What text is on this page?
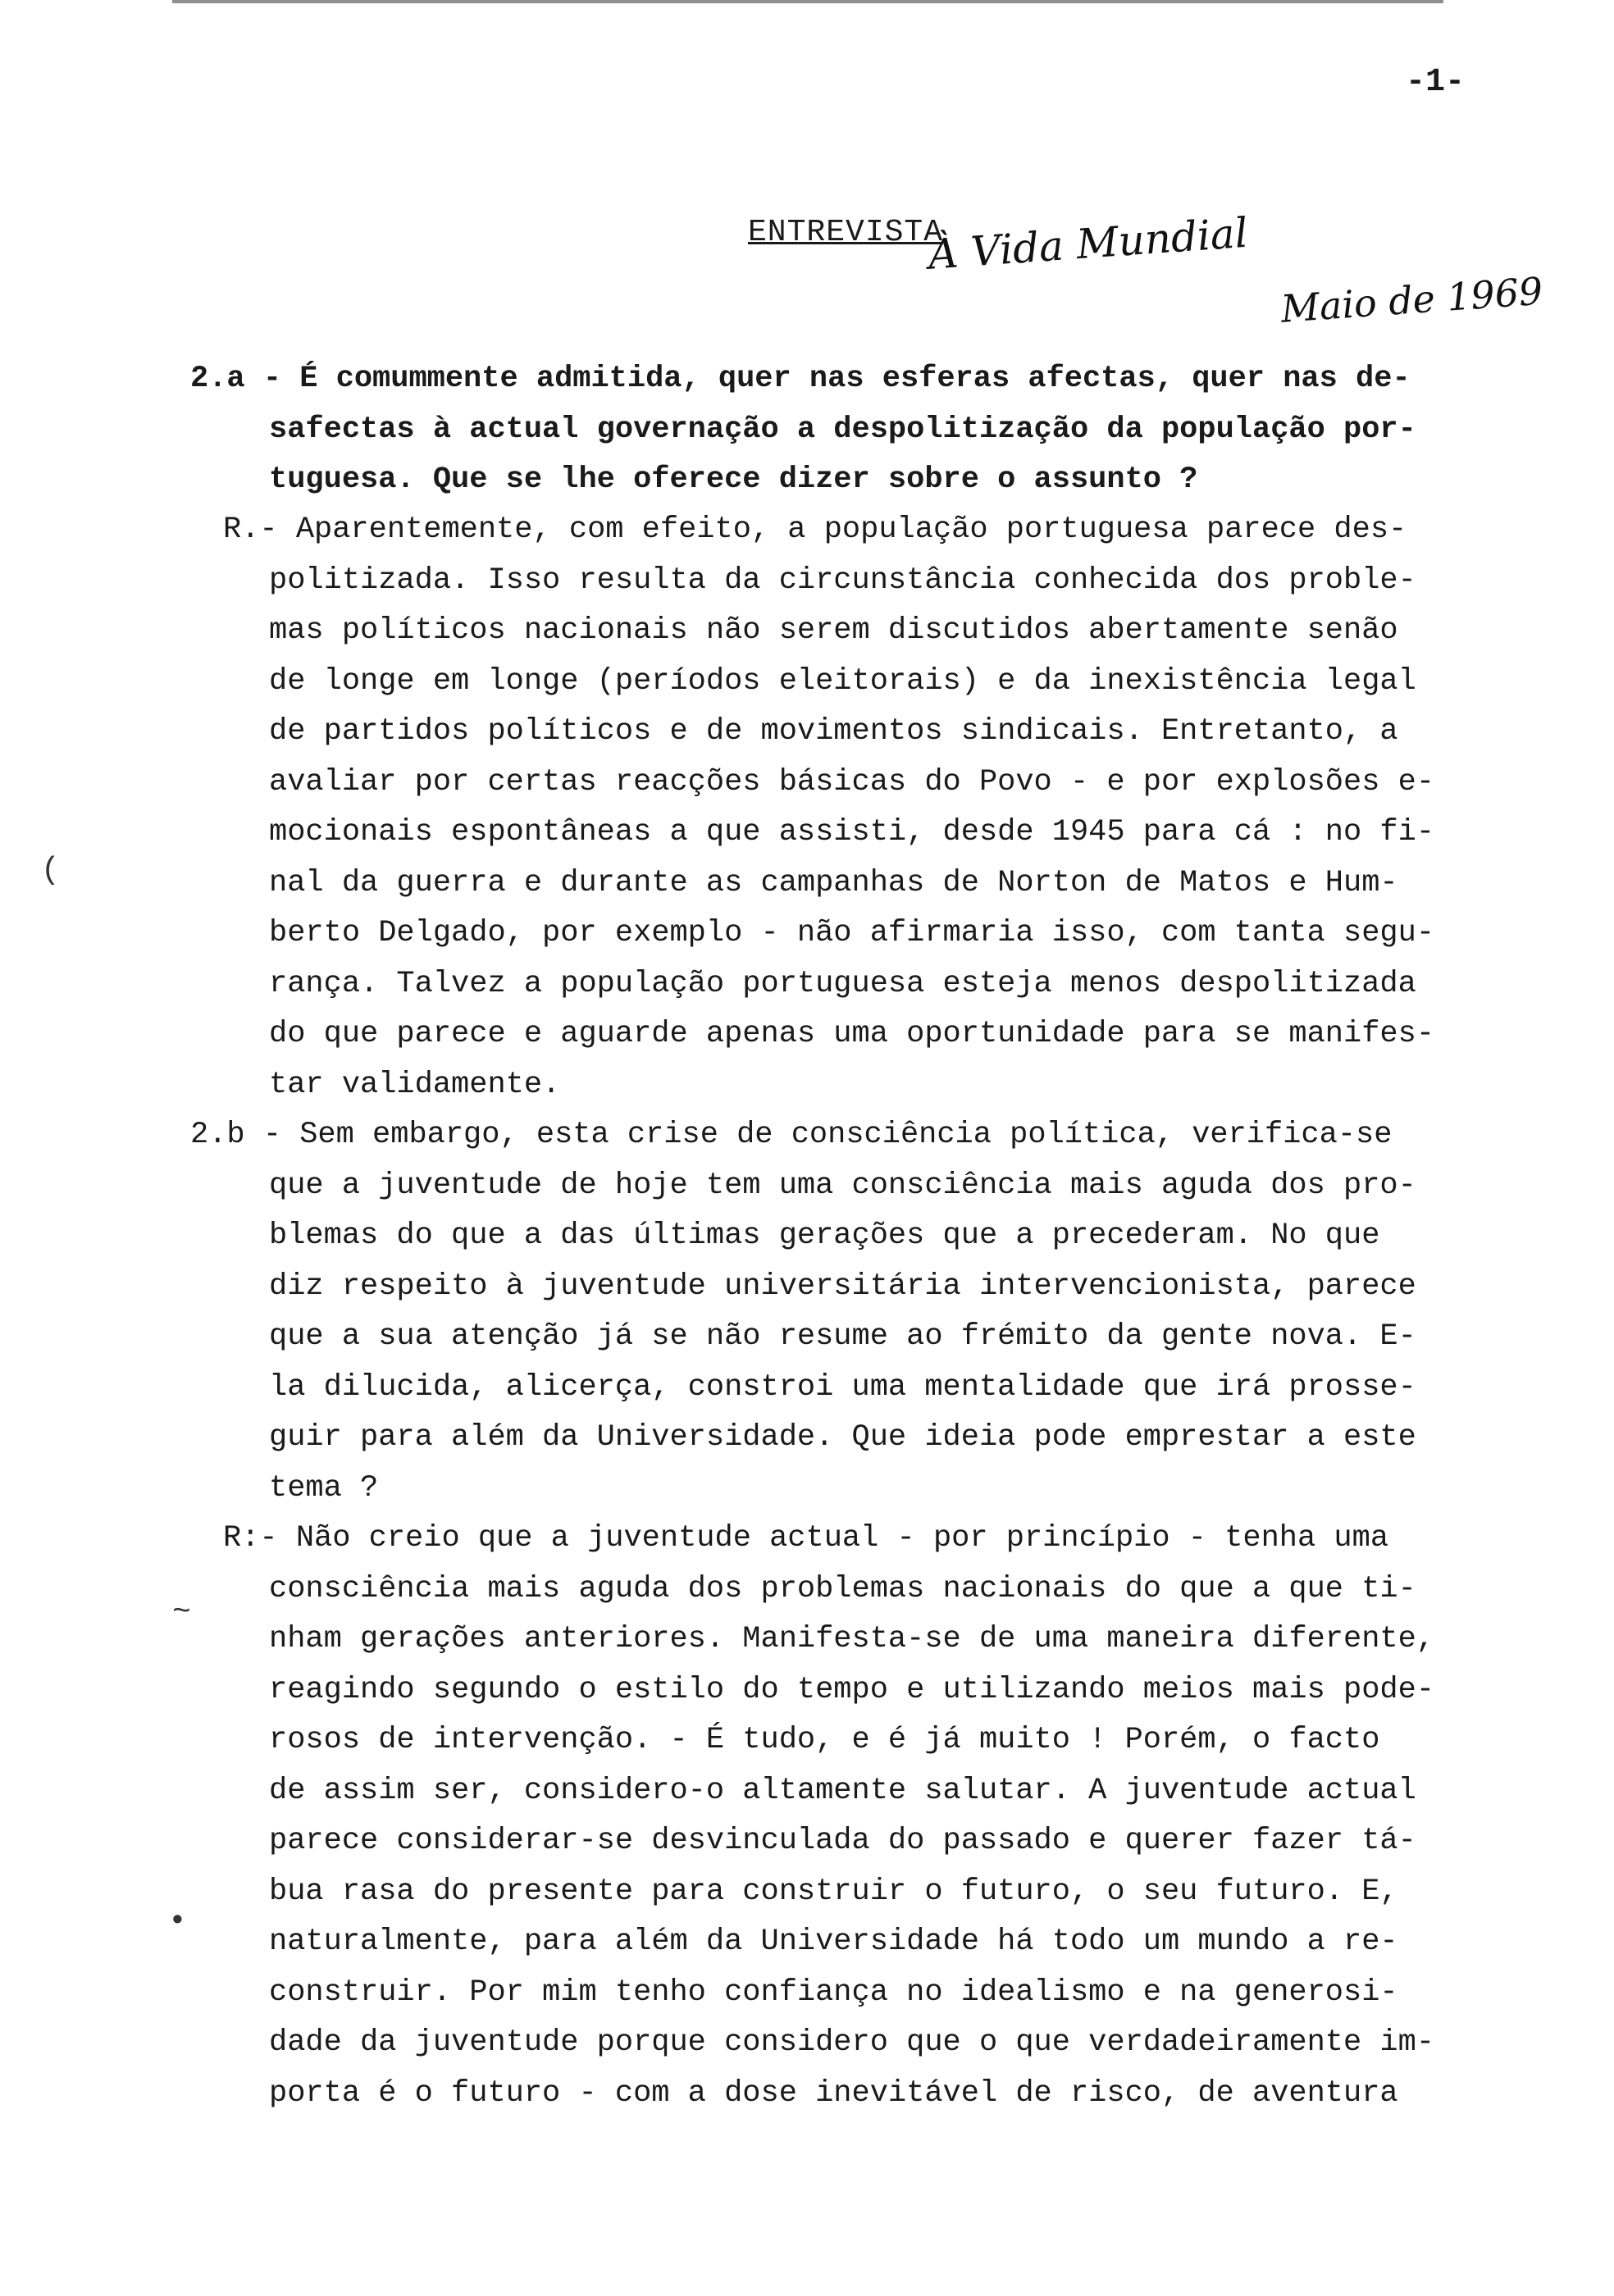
-1-
ENTREVISTA
À Vida Mundial
Maio de 1969
(
~
•
2.a - É comummente admitida, quer nas esferas afectas, quer nas de-
safectas à actual governação a despolitização da população por-
tuguesa. Que se lhe oferece dizer sobre o assunto ?
R.- Aparentemente, com efeito, a população portuguesa parece des-
politizada. Isso resulta da circunstância conhecida dos proble-
mas políticos nacionais não serem discutidos abertamente senão
de longe em longe (períodos eleitorais) e da inexistência legal
de partidos políticos e de movimentos sindicais. Entretanto, a
avaliar por certas reacções básicas do Povo - e por explosões e-
mocionais espontâneas a que assisti, desde 1945 para cá : no fi-
nal da guerra e durante as campanhas de Norton de Matos e Hum-
berto Delgado, por exemplo - não afirmaria isso, com tanta segu-
rança. Talvez a população portuguesa esteja menos despolitizada
do que parece e aguarde apenas uma oportunidade para se manifes-
tar validamente.
2.b - Sem embargo, esta crise de consciência política, verifica-se
que a juventude de hoje tem uma consciência mais aguda dos pro-
blemas do que a das últimas gerações que a precederam. No que
diz respeito à juventude universitária intervencionista, parece
que a sua atenção já se não resume ao frémito da gente nova. E-
la dilucida, alicerça, constroi uma mentalidade que irá prosse-
guir para além da Universidade. Que ideia pode emprestar a este
tema ?
R:- Não creio que a juventude actual - por princípio - tenha uma
consciência mais aguda dos problemas nacionais do que a que ti-
nham gerações anteriores. Manifesta-se de uma maneira diferente,
reagindo segundo o estilo do tempo e utilizando meios mais pode-
rosos de intervenção. - É tudo, e é já muito ! Porém, o facto
de assim ser, considero-o altamente salutar. A juventude actual
parece considerar-se desvinculada do passado e querer fazer tá-
bua rasa do presente para construir o futuro, o seu futuro. E,
naturalmente, para além da Universidade há todo um mundo a re-
construir. Por mim tenho confiança no idealismo e na generosi-
dade da juventude porque considero que o que verdadeiramente im-
porta é o futuro - com a dose inevitável de risco, de aventura
